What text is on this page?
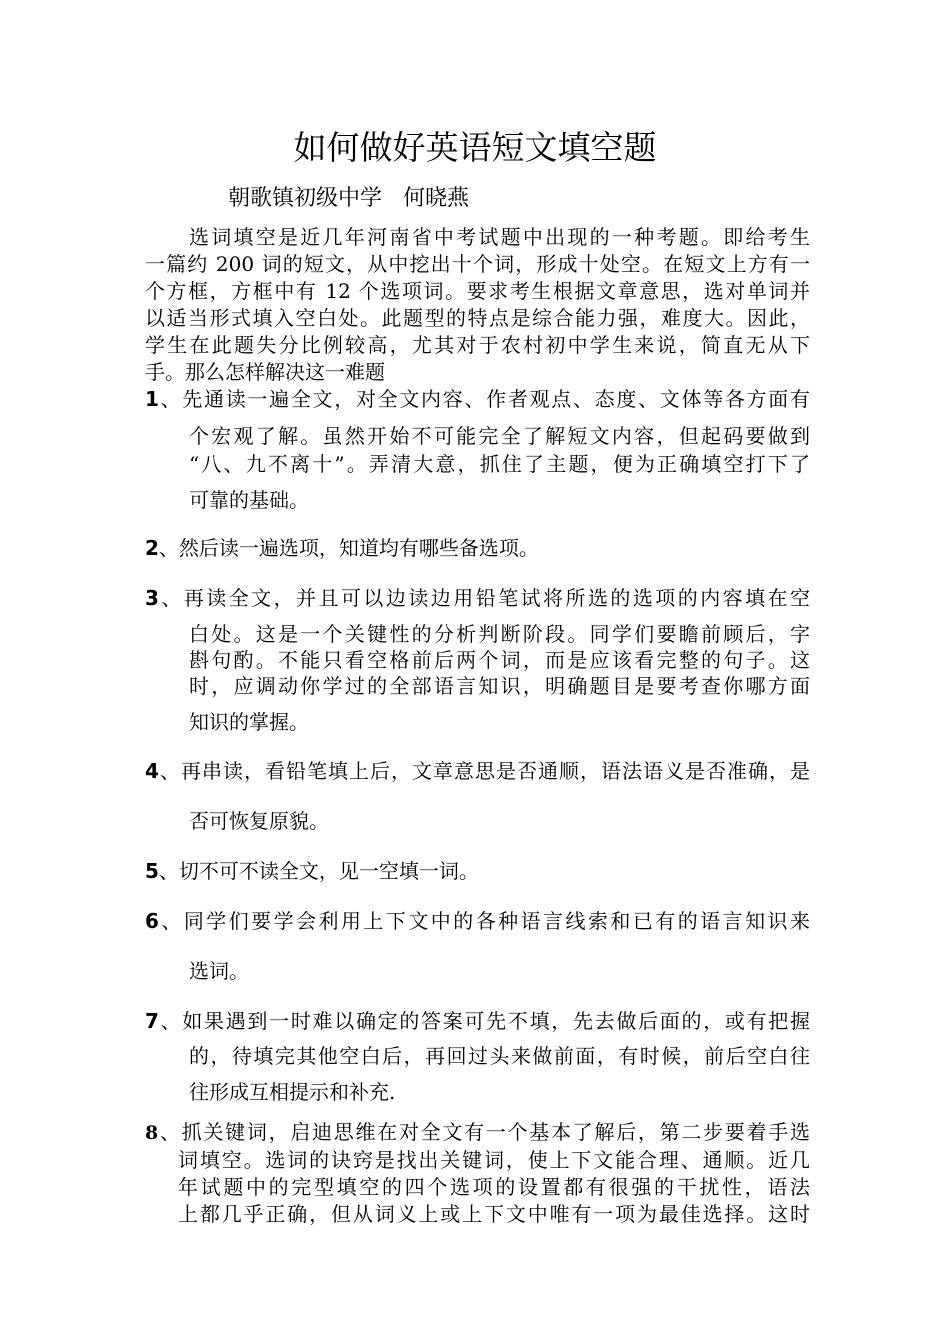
如何做好英语短文填空题
朝歌镇初级中学   何晓燕
选词填空是近几年河南省中考试题中出现的一种考题。即给考生
一篇约 200 词的短文，从中挖出十个词，形成十处空。在短文上方有一
个方框，方框中有 12 个选项词。要求考生根据文章意思，选对单词并
以适当形式填入空白处。此题型的特点是综合能力强，难度大。因此，
学生在此题失分比例较高，尤其对于农村初中学生来说，简直无从下
手。那么怎样解决这一难题
1、先通读一遍全文，对全文内容、作者观点、态度、文体等各方面有
个宏观了解。虽然开始不可能完全了解短文内容，但起码要做到
“八、九不离十”。弄清大意，抓住了主题，便为正确填空打下了
可靠的基础。
2、然后读一遍选项，知道均有哪些备选项。
3、再读全文，并且可以边读边用铅笔试将所选的选项的内容填在空
白处。这是一个关键性的分析判断阶段。同学们要瞻前顾后，字
斟句酌。不能只看空格前后两个词，而是应该看完整的句子。这
时，应调动你学过的全部语言知识，明确题目是要考查你哪方面
知识的掌握。
4、再串读，看铅笔填上后，文章意思是否通顺，语法语义是否准确，是
否可恢复原貌。
5、切不可不读全文，见一空填一词。
6、同学们要学会利用上下文中的各种语言线索和已有的语言知识来
选词。
7、如果遇到一时难以确定的答案可先不填，先去做后面的，或有把握
的，待填完其他空白后，再回过头来做前面，有时候，前后空白往
往形成互相提示和补充.
8、抓关键词，启迪思维在对全文有一个基本了解后，第二步要着手选
词填空。选词的诀窍是找出关键词，使上下文能合理、通顺。近几
年试题中的完型填空的四个选项的设置都有很强的干扰性，语法
上都几乎正确，但从词义上或上下文中唯有一项为最佳选择。这时
